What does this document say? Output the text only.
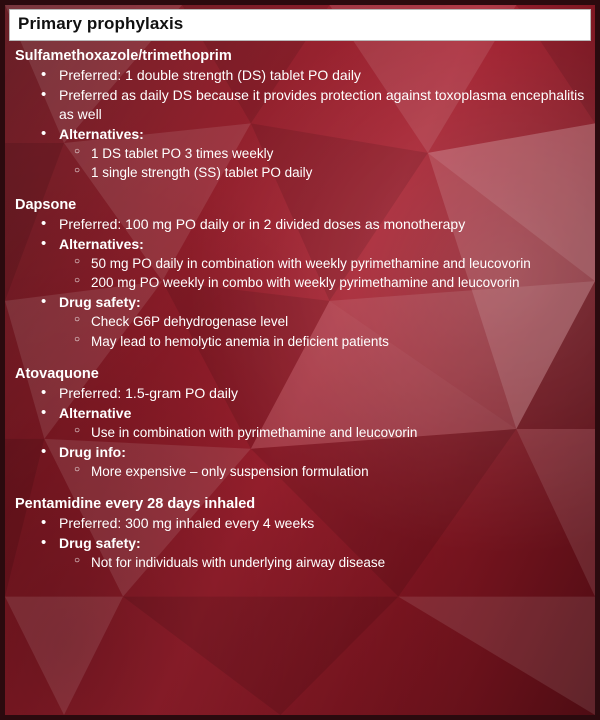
Primary prophylaxis
Sulfamethoxazole/trimethoprim
• Preferred: 1 double strength (DS) tablet PO daily
• Preferred as daily DS because it provides protection against toxoplasma encephalitis as well
• Alternatives:
○ 1 DS tablet PO 3 times weekly
○ 1 single strength (SS) tablet PO daily
Dapsone
• Preferred: 100 mg PO daily or in 2 divided doses as monotherapy
• Alternatives:
○ 50 mg PO daily in combination with weekly pyrimethamine and leucovorin
○ 200 mg PO weekly in combo with weekly pyrimethamine and leucovorin
• Drug safety:
○ Check G6P dehydrogenase level
○ May lead to hemolytic anemia in deficient patients
Atovaquone
• Preferred: 1.5-gram PO daily
• Alternative
○ Use in combination with pyrimethamine and leucovorin
• Drug info:
○ More expensive – only suspension formulation
Pentamidine every 28 days inhaled
• Preferred: 300 mg inhaled every 4 weeks
• Drug safety:
○ Not for individuals with underlying airway disease
